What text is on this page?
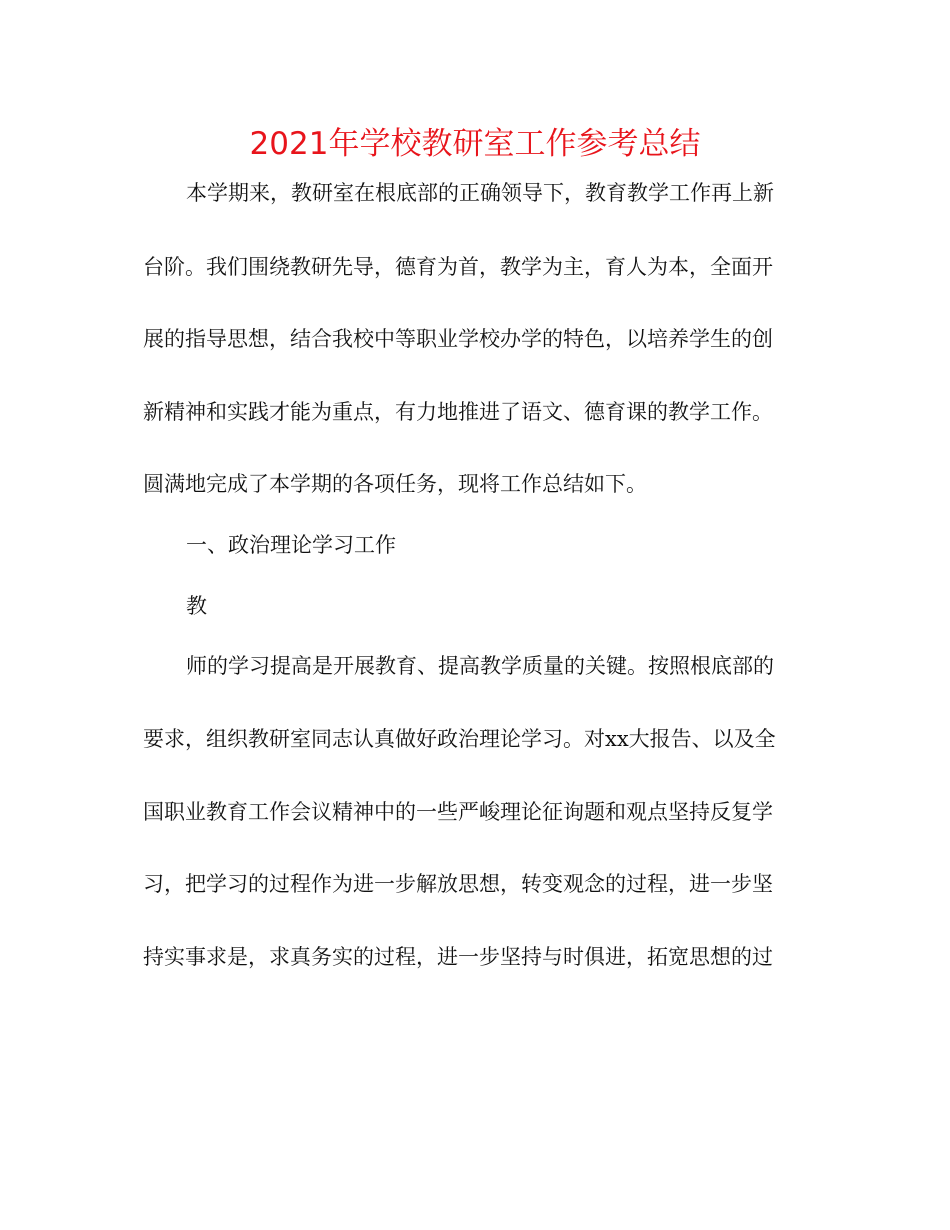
2021年学校教研室工作参考总结

本学期来，教研室在根底部的正确领导下，教育教学工作再上新

台阶。我们围绕教研先导，德育为首，教学为主，育人为本，全面开

展的指导思想，结合我校中等职业学校办学的特色，以培养学生的创

新精神和实践才能为重点，有力地推进了语文、德育课的教学工作。

圆满地完成了本学期的各项任务，现将工作总结如下。

一、政治理论学习工作

教

师的学习提高是开展教育、提高教学质量的关键。按照根底部的

要求，组织教研室同志认真做好政治理论学习。对xx大报告、以及全

国职业教育工作会议精神中的一些严峻理论征询题和观点坚持反复学

习，把学习的过程作为进一步解放思想，转变观念的过程，进一步坚

持实事求是，求真务实的过程，进一步坚持与时俱进，拓宽思想的过
